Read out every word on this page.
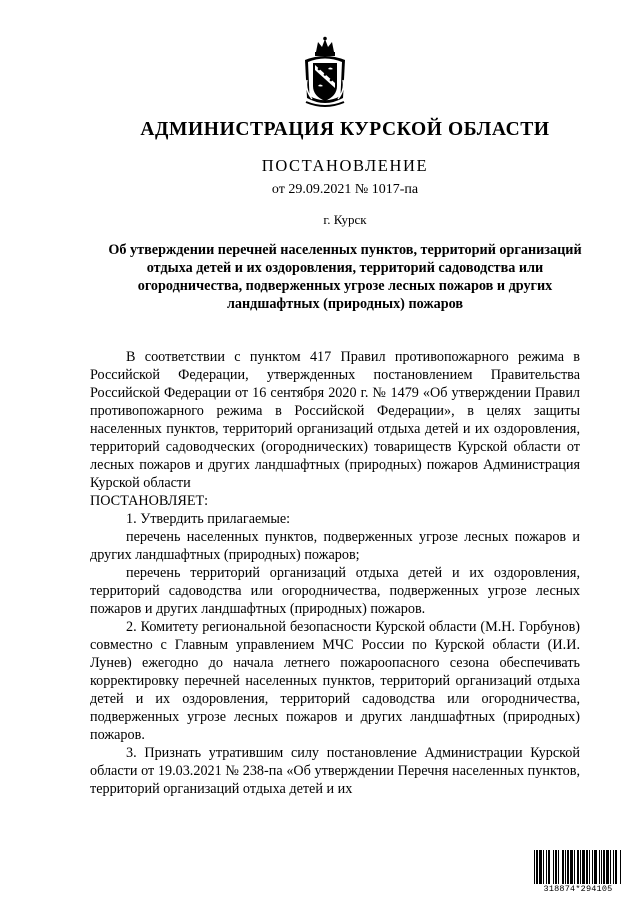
АДМИНИСТРАЦИЯ КУРСКОЙ ОБЛАСТИ
ПОСТАНОВЛЕНИЕ
от 29.09.2021 № 1017-па
г. Курск
Об утверждении перечней населенных пунктов, территорий организаций отдыха детей и их оздоровления, территорий садоводства или огородничества, подверженных угрозе лесных пожаров и других ландшафтных (природных) пожаров

В соответствии с пунктом 417 Правил противопожарного режима в Российской Федерации, утвержденных постановлением Правительства Российской Федерации от 16 сентября 2020 г. № 1479 «Об утверждении Правил противопожарного режима в Российской Федерации», в целях защиты населенных пунктов, территорий организаций отдыха детей и их оздоровления, территорий садоводческих (огороднических) товариществ Курской области от лесных пожаров и других ландшафтных (природных) пожаров Администрация Курской области

ПОСТАНОВЛЯЕТ:

1. Утвердить прилагаемые:

перечень населенных пунктов, подверженных угрозе лесных пожаров и других ландшафтных (природных) пожаров;

перечень территорий организаций отдыха детей и их оздоровления, территорий садоводства или огородничества, подверженных угрозе лесных пожаров и других ландшафтных (природных) пожаров.

2. Комитету региональной безопасности Курской области (М.Н. Горбунов) совместно с Главным управлением МЧС России по Курской области (И.И. Лунев) ежегодно до начала летнего пожароопасного сезона обеспечивать корректировку перечней населенных пунктов, территорий организаций отдыха детей и их оздоровления, территорий садоводства или огородничества, подверженных угрозе лесных пожаров и других ландшафтных (природных) пожаров.

3. Признать утратившим силу постановление Администрации Курской области от 19.03.2021 № 238-па «Об утверждении Перечня населенных пунктов, территорий организаций отдыха детей и их

318874*294105
